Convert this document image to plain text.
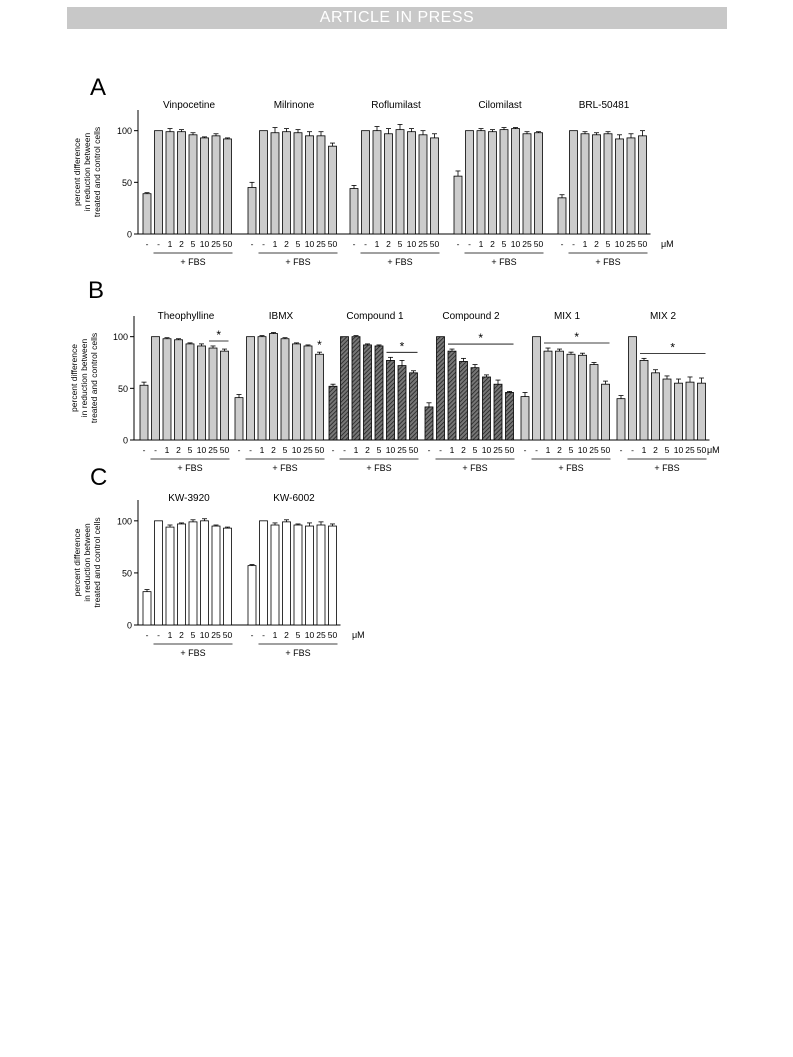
ARTICLE IN PRESS
A
0
50
100
percent difference in reduction between treated and control cells
Vinpocetine
- - 1 2 5 10 25 50
+ FBS
Milrinone
- - 1 2 5 10 25 50
+ FBS
Roflumilast
- - 1 2 5 10 25 50
+ FBS
Cilomilast
- - 1 2 5 10 25 50
+ FBS
BRL-50481
- - 1 2 5 10 25 50
+ FBS
μM
B
0
50
100
percent difference in reduction between treated and control cells
Theophylline
- - 1 2 5 10 25 50
+ FBS
*
IBMX
- - 1 2 5 10 25 50
+ FBS
*
Compound 1
- - 1 2 5 10 25 50
+ FBS
*
Compound 2
- - 1 2 5 10 25 50
+ FBS
*
MIX 1
- - 1 2 5 10 25 50
+ FBS
*
MIX 2
- - 1 2 5 10 25 50
+ FBS
*
μM
C
0
50
100
percent difference in reduction between treated and control cells
KW-3920
- - 1 2 5 10 25 50
+ FBS
KW-6002
- - 1 2 5 10 25 50
+ FBS
μM
